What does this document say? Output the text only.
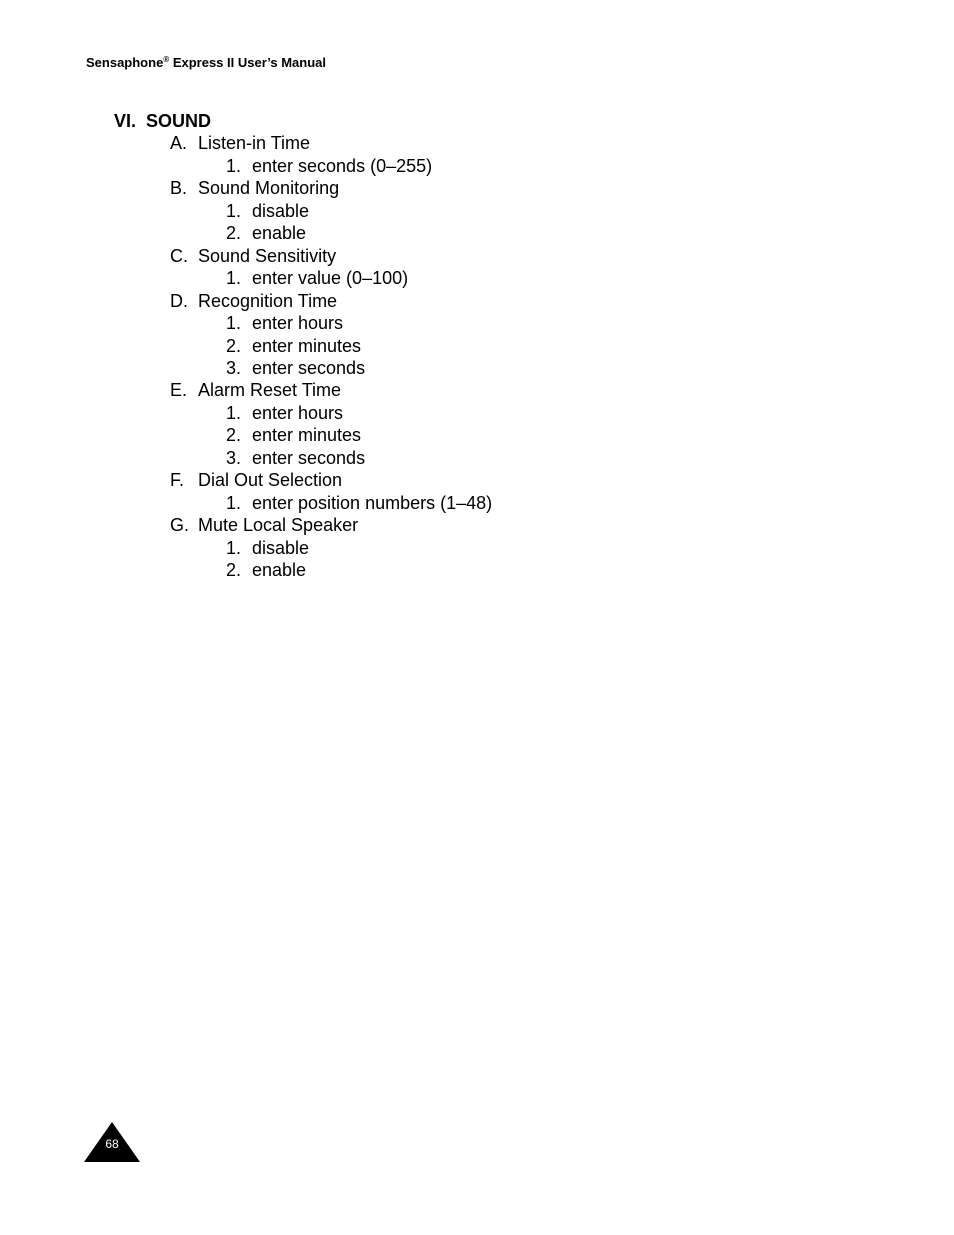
Sensaphone® Express II User’s Manual
VI. SOUND
A. Listen-in Time
1. enter seconds (0–255)
B. Sound Monitoring
1. disable
2. enable
C. Sound Sensitivity
1. enter value (0–100)
D. Recognition Time
1. enter hours
2. enter minutes
3. enter seconds
E. Alarm Reset Time
1. enter hours
2. enter minutes
3. enter seconds
F. Dial Out Selection
1. enter position numbers (1–48)
G. Mute Local Speaker
1. disable
2. enable
68
